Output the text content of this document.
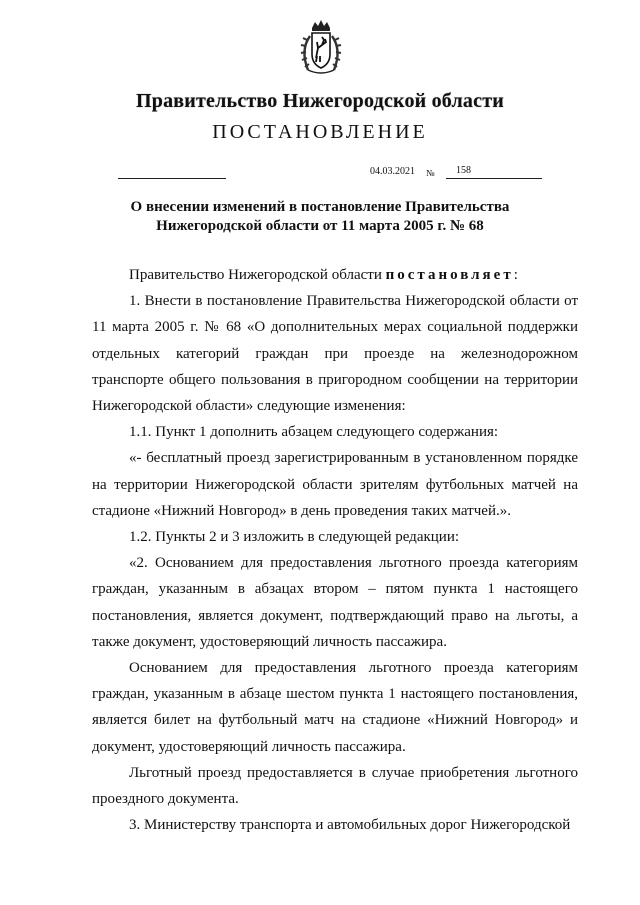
Правительство Нижегородской области
ПОСТАНОВЛЕНИЕ
04.03.2021 № 158
О внесении изменений в постановление Правительства
Нижегородской области от 11 марта 2005 г. № 68

Правительство Нижегородской области постановляет:

1. Внести в постановление Правительства Нижегородской области от 11 марта 2005 г. № 68 «О дополнительных мерах социальной поддержки отдельных категорий граждан при проезде на железнодорожном транспорте общего пользования в пригородном сообщении на территории Нижегородской области» следующие изменения:

1.1. Пункт 1 дополнить абзацем следующего содержания:

«- бесплатный проезд зарегистрированным в установленном порядке на территории Нижегородской области зрителям футбольных матчей на стадионе «Нижний Новгород» в день проведения таких матчей.».

1.2. Пункты 2 и 3 изложить в следующей редакции:

«2. Основанием для предоставления льготного проезда категориям граждан, указанным в абзацах втором – пятом пункта 1 настоящего постановления, является документ, подтверждающий право на льготы, а также документ, удостоверяющий личность пассажира.

Основанием для предоставления льготного проезда категориям граждан, указанным в абзаце шестом пункта 1 настоящего постановления, является билет на футбольный матч на стадионе «Нижний Новгород» и документ, удостоверяющий личность пассажира.

Льготный проезд предоставляется в случае приобретения льготного проездного документа.

3. Министерству транспорта и автомобильных дорог Нижегородской
